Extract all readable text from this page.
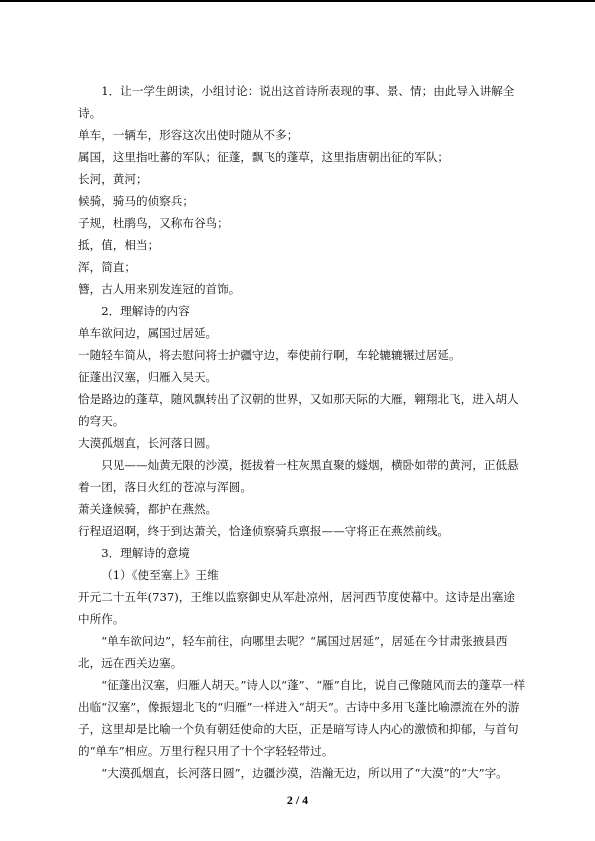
1．让一学生朗读，小组讨论：说出这首诗所表现的事、景、情；由此导入讲解全诗。

单车，一辆车，形容这次出使时随从不多；

属国，这里指吐蕃的军队；征蓬，飘飞的蓬草，这里指唐朝出征的军队；

长河，黄河；

候骑，骑马的侦察兵；

子规，杜鹃鸟，又称布谷鸟；

抵，值，相当；

浑，简直；

簪，古人用来别发连冠的首饰。

2．理解诗的内容

单车欲问边，属国过居延。

一随轻车简从，将去慰问将士护疆守边，奉使前行啊，车轮辘辘辗过居延。

征蓬出汉塞，归雁入吴天。

恰是路边的蓬草，随风飘转出了汉朝的世界，又如那天际的大雁，翱翔北飞，进入胡人的穹天。

大漠孤烟直，长河落日圆。

只见——灿黄无限的沙漠，挺拔着一柱灰黑直聚的燧烟，横卧如带的黄河，正低悬着一团，落日火红的苍凉与浑圆。

萧关逢候骑，都护在燕然。

行程迢迢啊，终于到达萧关，恰逢侦察骑兵禀报——守将正在燕然前线。

3．理解诗的意境

（1）《使至塞上》王维

开元二十五年(737)，王维以监察御史从军赴凉州，居河西节度使幕中。这诗是出塞途中所作。

“单车欲问边”，轻车前往，向哪里去呢？“属国过居延”，居延在今甘肃张掖县西北，远在西关边塞。

“征蓬出汉塞，归雁人胡天。”诗人以“蓬”、“雁”自比，说自己像随风而去的蓬草一样出临“汉塞”，像振翅北飞的“归雁”一样进入“胡天”。古诗中多用飞蓬比喻漂流在外的游子，这里却是比喻一个负有朝廷使命的大臣，正是暗写诗人内心的激愤和抑郁，与首句的“单车”相应。万里行程只用了十个字轻轻带过。

“大漠孤烟直，长河落日圆”，边疆沙漠，浩瀚无边，所以用了“大漠”的“大”字。

2 / 4
